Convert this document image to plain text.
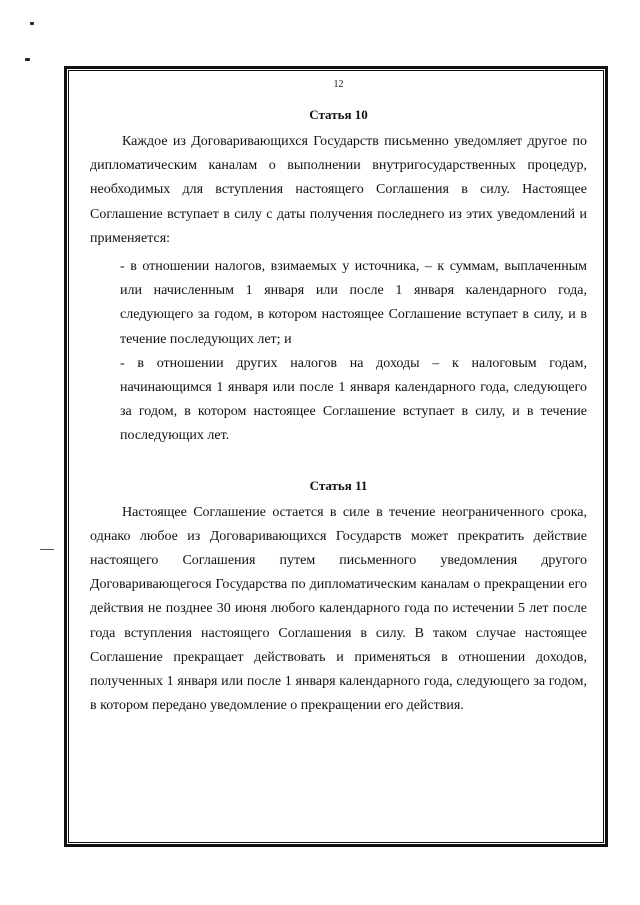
12
Статья 10

Каждое из Договаривающихся Государств письменно уведомляет другое по дипломатическим каналам о выполнении внутригосударственных процедур, необходимых для вступления настоящего Соглашения в силу. Настоящее Соглашение вступает в силу с даты получения последнего из этих уведомлений и применяется:

- в отношении налогов, взимаемых у источника, – к суммам, выплаченным или начисленным 1 января или после 1 января календарного года, следующего за годом, в котором настоящее Соглашение вступает в силу, и в течение последующих лет; и
- в отношении других налогов на доходы – к налоговым годам, начинающимся 1 января или после 1 января календарного года, следующего за годом, в котором настоящее Соглашение вступает в силу, и в течение последующих лет.
Статья 11

Настоящее Соглашение остается в силе в течение неограниченного срока, однако любое из Договаривающихся Государств может прекратить действие настоящего Соглашения путем письменного уведомления другого Договаривающегося Государства по дипломатическим каналам о прекращении его действия не позднее 30 июня любого календарного года по истечении 5 лет после года вступления настоящего Соглашения в силу. В таком случае настоящее Соглашение прекращает действовать и применяться в отношении доходов, полученных 1 января или после 1 января календарного года, следующего за годом, в котором передано уведомление о прекращении его действия.
